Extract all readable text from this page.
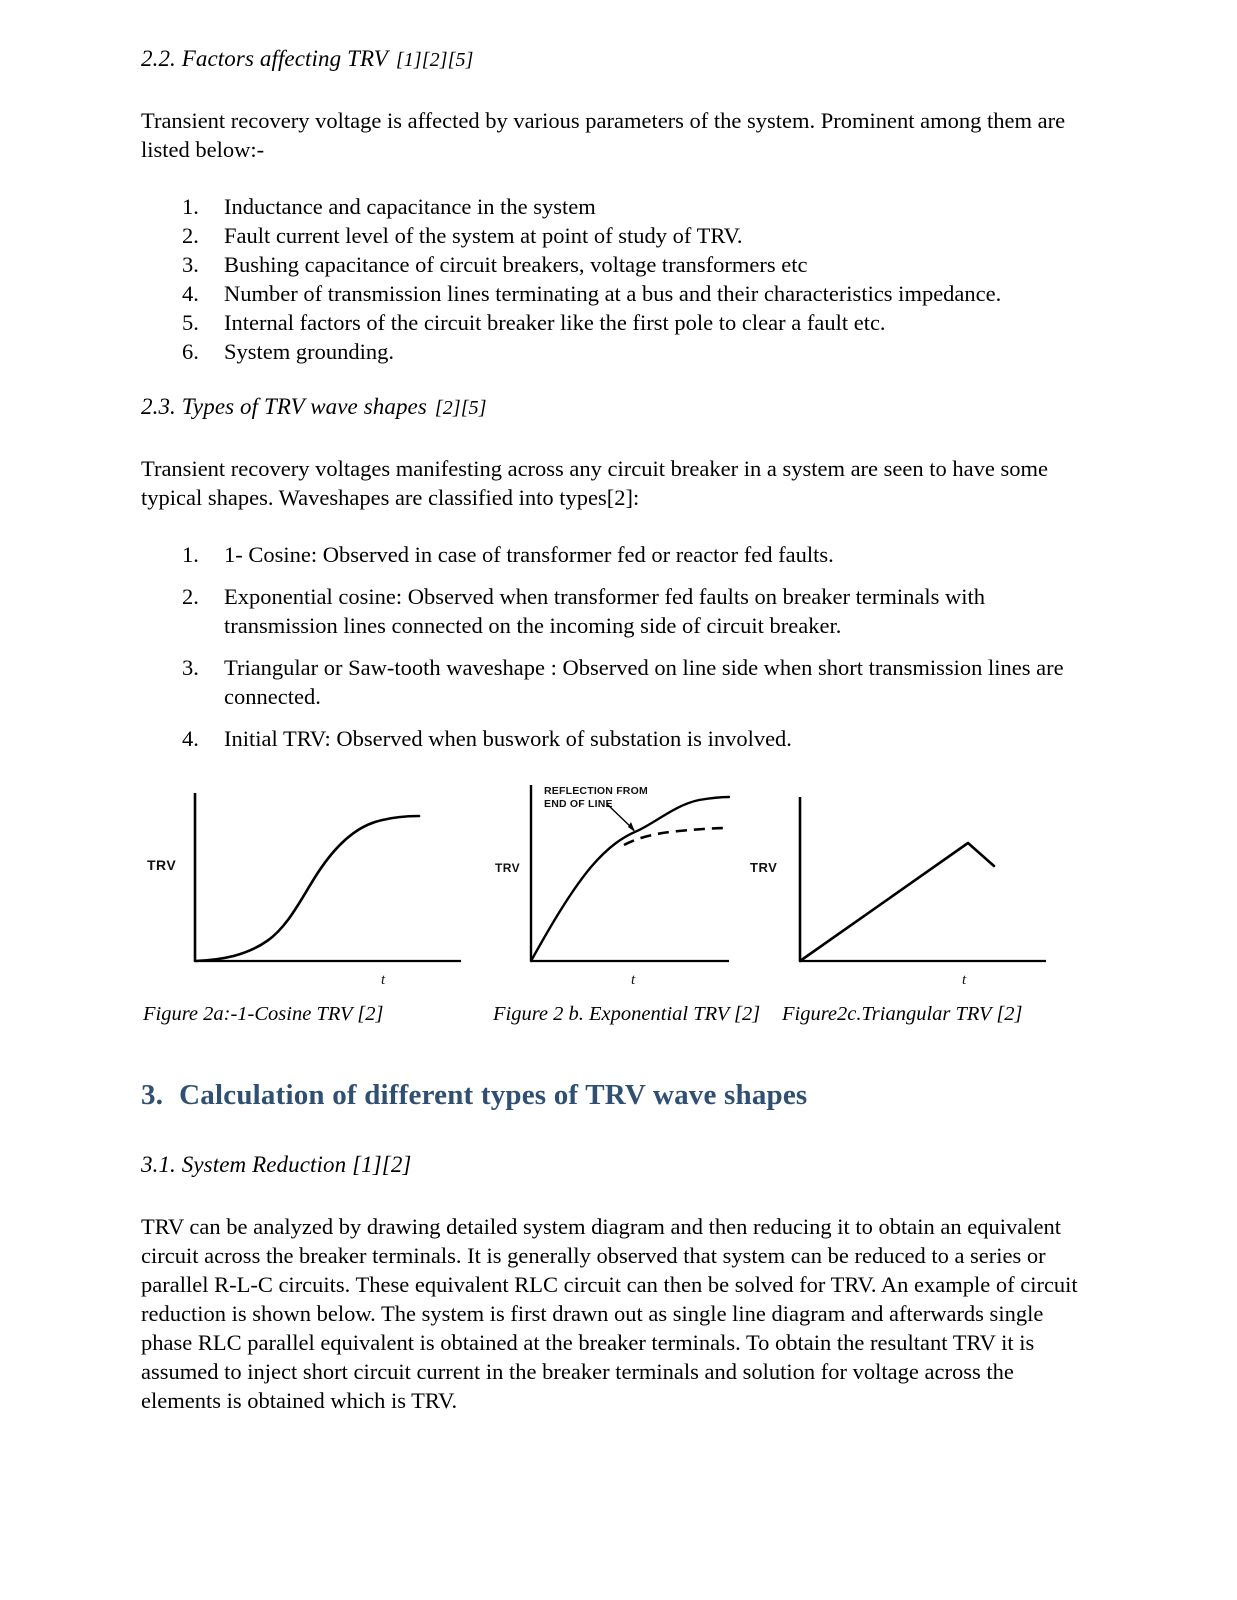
2.2. Factors affecting TRV [1][2][5]

Transient recovery voltage is affected by various parameters of the system. Prominent among them are listed below:-

1.	Inductance and capacitance in the system
2.	Fault current level of the system at point of study of TRV.
3.	Bushing capacitance of circuit breakers, voltage transformers etc
4.	Number of transmission lines terminating at a bus and their characteristics impedance.
5.	Internal factors of the circuit breaker like the first pole to clear a fault etc.
6.	System grounding.
2.3. Types of TRV wave shapes [2][5]

Transient recovery voltages manifesting across any circuit breaker in a system are seen to have some typical shapes. Waveshapes are classified into types[2]:

1.	1- Cosine: Observed in case of transformer fed or reactor fed faults.
2.	Exponential cosine: Observed when transformer fed faults on breaker terminals with transmission lines connected on the incoming side of circuit breaker.
3.	Triangular or Saw-tooth waveshape : Observed on line side when short transmission lines are connected.
4.	Initial TRV: Observed when buswork of substation is involved.
TRV
t
TRV
REFLECTION FROM
END OF LINE
t
TRV
t
Figure 2a:-1-Cosine TRV [2]	Figure 2 b. Exponential TRV [2] Figure2c.Triangular TRV [2]
3. Calculation of different types of TRV wave shapes
3.1. System Reduction [1][2]

TRV can be analyzed by drawing detailed system diagram and then reducing it to obtain an equivalent circuit across the breaker terminals. It is generally observed that system can be reduced to a series or parallel R-L-C circuits. These equivalent RLC circuit can then be solved for TRV. An example of circuit reduction is shown below. The system is first drawn out as single line diagram and afterwards single phase RLC parallel equivalent is obtained at the breaker terminals. To obtain the resultant TRV it is assumed to inject short circuit current in the breaker terminals and solution for voltage across the elements is obtained which is TRV.
